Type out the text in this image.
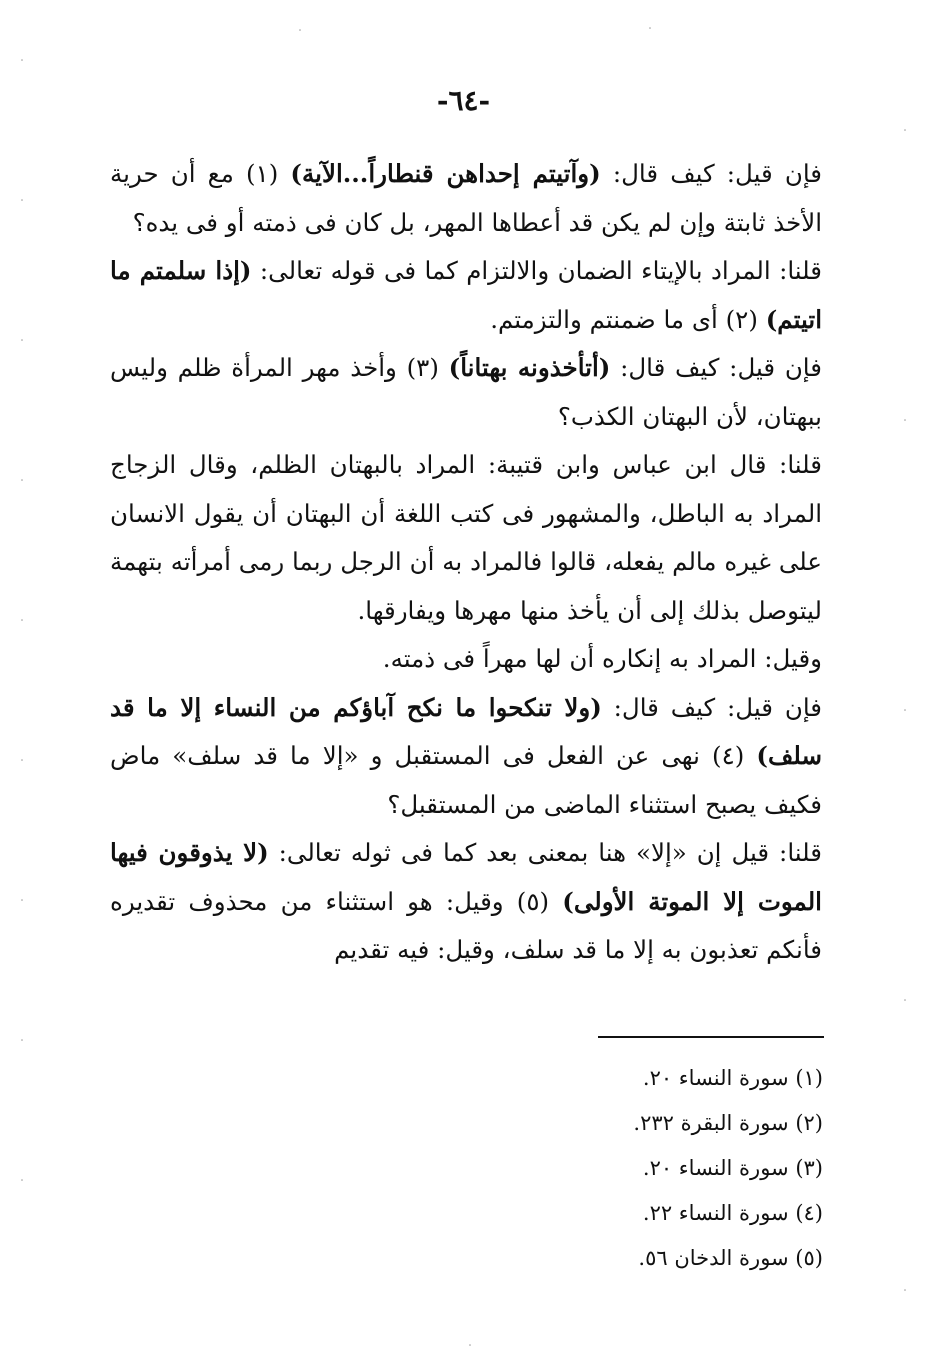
-٦٤-

فإن قيل: كيف قال: (وآتيتم إحداهن قنطاراً...الآية) (١) مع أن حرية الأخذ ثابتة وإن لم يكن قد أعطاها المهر، بل كان فى ذمته أو فى يده؟

قلنا: المراد بالإيتاء الضمان والالتزام كما فى قوله تعالى: (إذا سلمتم ما اتيتم) (٢) أى ما ضمنتم والتزمتم.

فإن قيل: كيف قال: (أتأخذونه بهتاناً) (٣) وأخذ مهر المرأة ظلم وليس ببهتان، لأن البهتان الكذب؟

قلنا: قال ابن عباس وابن قتيبة: المراد بالبهتان الظلم، وقال الزجاج المراد به الباطل، والمشهور فى كتب اللغة أن البهتان أن يقول الانسان على غيره مالم يفعله، قالوا فالمراد به أن الرجل ربما رمى أمرأته بتهمة ليتوصل بذلك إلى أن يأخذ منها مهرها ويفارقها.

وقيل: المراد به إنكاره أن لها مهراً فى ذمته.

فإن قيل: كيف قال: (ولا تنكحوا ما نكح آباؤكم من النساء إلا ما قد سلف) (٤) نهى عن الفعل فى المستقبل و «إلا ما قد سلف» ماض فكيف يصبح استثناء الماضى من المستقبل؟

قلنا: قيل إن «إلا» هنا بمعنى بعد كما فى ثوله تعالى: (لا يذوقون فيها الموت إلا الموتة الأولى) (٥) وقيل: هو استثناء من محذوف تقديره فأنكم تعذبون به إلا ما قد سلف، وقيل: فيه تقديم

(١) سورة النساء ٢٠.

(٢) سورة البقرة ٢٣٢.

(٣) سورة النساء ٢٠.

(٤) سورة النساء ٢٢.

(٥) سورة الدخان ٥٦.
